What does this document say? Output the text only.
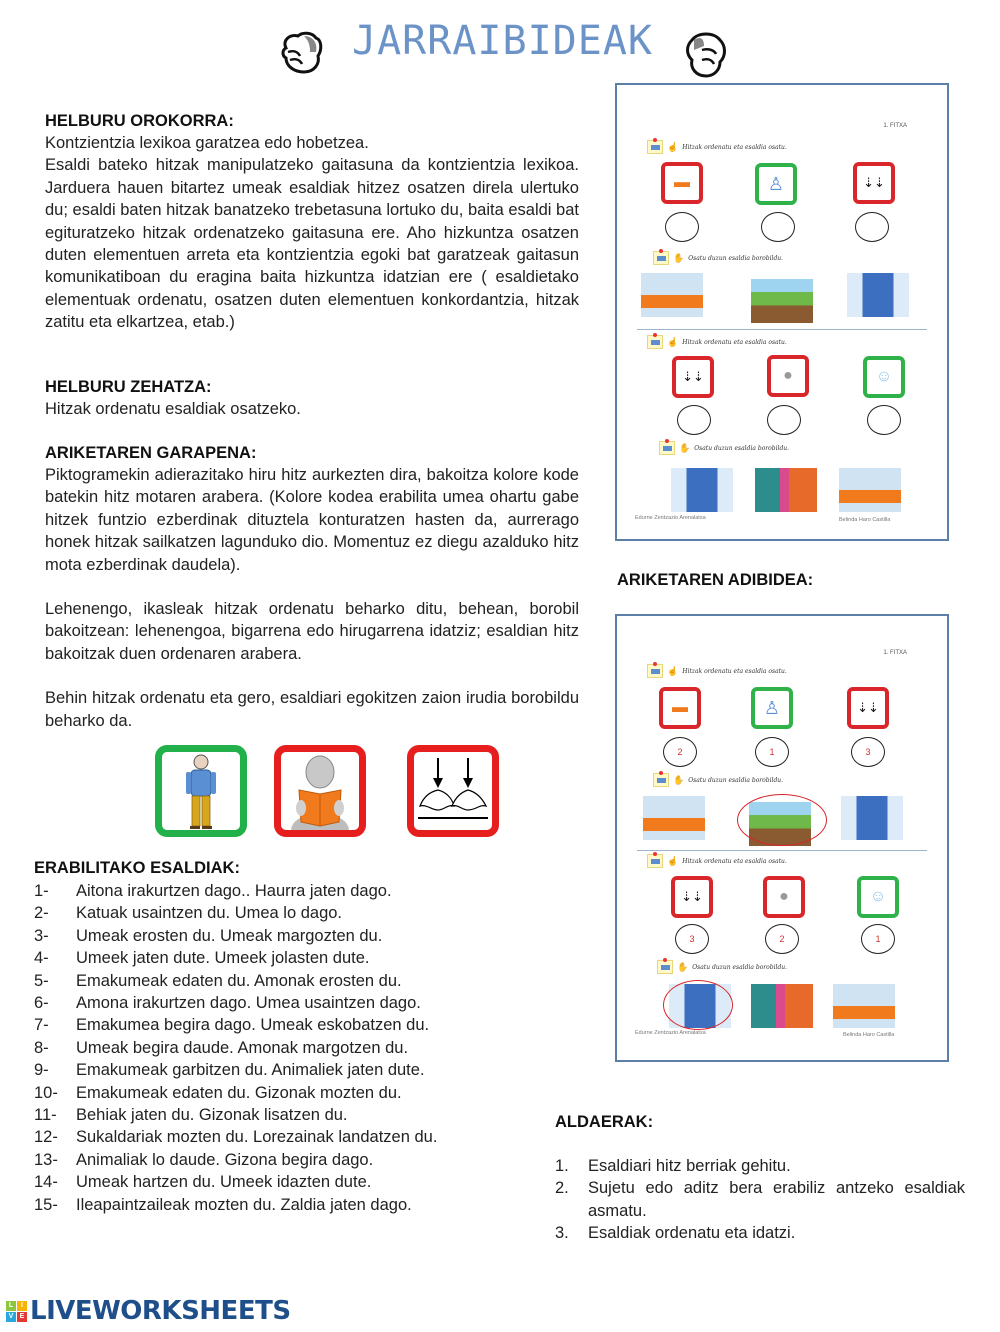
JARRAIBIDEAK
HELBURU OROKORRA:
Kontzientzia lexikoa garatzea edo hobetzea.
Esaldi bateko hitzak manipulatzeko gaitasuna da kontzientzia lexikoa. Jarduera hauen bitartez umeak esaldiak hitzez osatzen direla ulertuko du; esaldi baten hitzak banatzeko trebetasuna lortuko du, baita esaldi bat egituratzeko hitzak ordenatzeko gaitasuna ere. Aho hizkuntza osatzen duten elementuen arreta eta kontzientzia egoki bat garatzeak gaitasun komunikatiboan du eragina baita hizkuntza idatzian ere ( esaldietako elementuak ordenatu, osatzen duten elementuen konkordantzia, hitzak zatitu eta elkartzea, etab.)
HELBURU ZEHATZA:
Hitzak ordenatu esaldiak osatzeko.
ARIKETAREN GARAPENA:
Piktogramekin adierazitako hiru hitz aurkezten dira, bakoitza kolore kode batekin hitz motaren arabera. (Kolore kodea erabilita umea ohartu gabe hitzek funtzio ezberdinak dituztela konturatzen hasten da, aurrerago honek hitzak sailkatzen lagunduko dio. Momentuz ez diegu azalduko hitz mota ezberdinak daudela).
Lehenengo, ikasleak hitzak ordenatu beharko ditu, behean, borobil bakoitzean: lehenengoa, bigarrena edo hirugarrena idatziz; esaldian hitz bakoitzak duen ordenaren arabera.
Behin hitzak ordenatu eta gero, esaldiari egokitzen zaion irudia borobildu beharko da.
ERABILITAKO ESALDIAK:
1-	Aitona irakurtzen dago.. Haurra jaten dago.
2-	Katuak usaintzen du. Umea lo dago.
3-	Umeak erosten du. Umeak margozten du.
4-	Umeek jaten dute. Umeek jolasten dute.
5-	Emakumeak edaten du. Amonak erosten du.
6-	Amona irakurtzen dago. Umea usaintzen dago.
7-	Emakumea begira dago. Umeak eskobatzen du.
8-	Umeak begira daude. Amonak margotzen du.
9-	Emakumeak garbitzen du. Animaliek jaten dute.
10-	Emakumeak edaten du. Gizonak mozten du.
11-	Behiak jaten du. Gizonak lisatzen du.
12-	Sukaldariak mozten du. Lorezainak landatzen du.
13-	Animaliak lo daude. Gizona begira dago.
14-	Umeak hartzen du. Umeek idazten dute.
15-	Ileapaintzaileak mozten du. Zaldia jaten dago.
1. FITXA
☝ Hitzak ordenatu eta esaldia osatu.
▬	♙	⇣⇣
✋ Osatu duzun esaldia borobildu.
☝ Hitzak ordenatu eta esaldia osatu.
⇣⇣	●	☺
✋ Osatu duzun esaldia borobildu.
Edurne Zentzazio Arenalatxa	Belinda Haro Castilla
ARIKETAREN ADIBIDEA:
1. FITXA
☝ Hitzak ordenatu eta esaldia osatu.
▬	♙	⇣⇣
2	1	3
✋ Osatu duzun esaldia borobildu.
☝ Hitzak ordenatu eta esaldia osatu.
⇣⇣	●	☺
3	2	1
✋ Osatu duzun esaldia borobildu.
Edurne Zentzazio Arenalatxa	Belinda Haro Castilla
ALDAERAK:
1.	Esaldiari hitz berriak gehitu.
2.	Sujetu edo aditz bera erabiliz antzeko esaldiak asmatu.
3.	Esaldiak ordenatu eta idatzi.
L	I
V E LIVEWORKSHEETS
